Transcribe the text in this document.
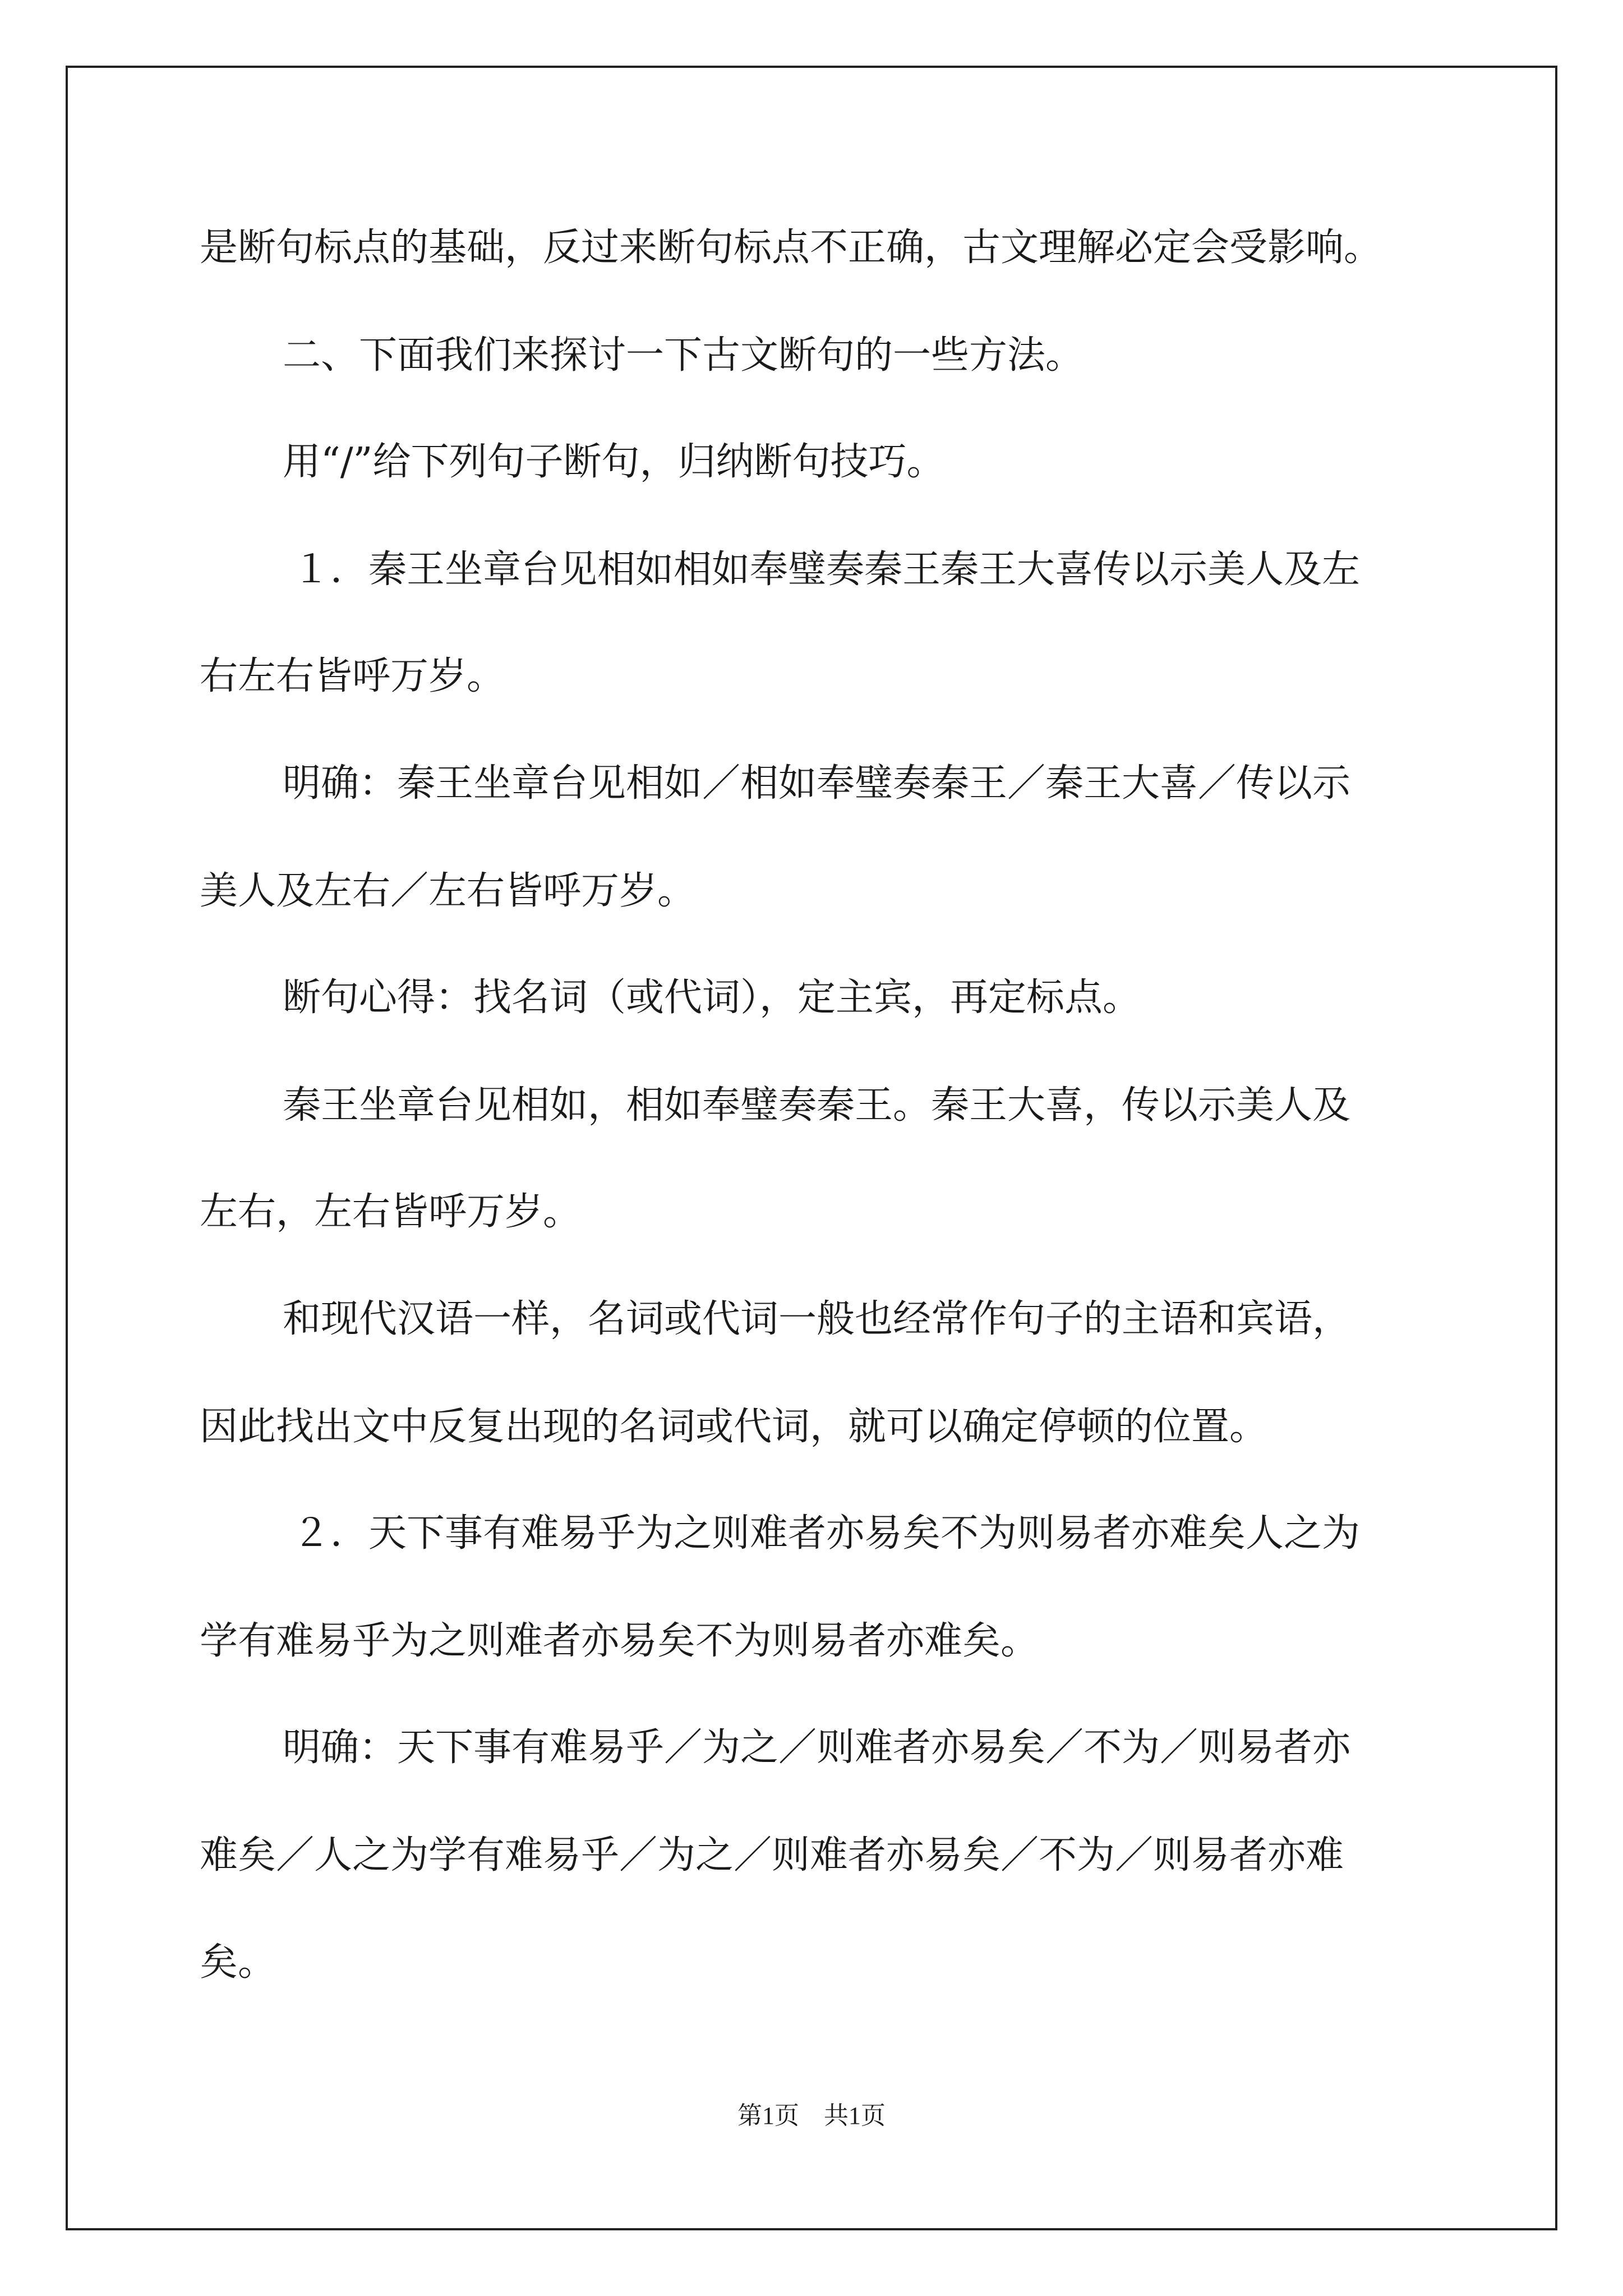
是断句标点的基础，反过来断句标点不正确，古文理解必定会受影响。
二、下面我们来探讨一下古文断句的一些方法。
用“/”给下列句子断句，归纳断句技巧。
１．秦王坐章台见相如相如奉璧奏秦王秦王大喜传以示美人及左
右左右皆呼万岁。
明确：秦王坐章台见相如／相如奉璧奏秦王／秦王大喜／传以示
美人及左右／左右皆呼万岁。
断句心得：找名词（或代词），定主宾，再定标点。
秦王坐章台见相如，相如奉璧奏秦王。秦王大喜，传以示美人及
左右，左右皆呼万岁。
和现代汉语一样，名词或代词一般也经常作句子的主语和宾语，
因此找出文中反复出现的名词或代词，就可以确定停顿的位置。
２．天下事有难易乎为之则难者亦易矣不为则易者亦难矣人之为
学有难易乎为之则难者亦易矣不为则易者亦难矣。
明确：天下事有难易乎／为之／则难者亦易矣／不为／则易者亦
难矣／人之为学有难易乎／为之／则难者亦易矣／不为／则易者亦难
矣。
第1页　共1页
